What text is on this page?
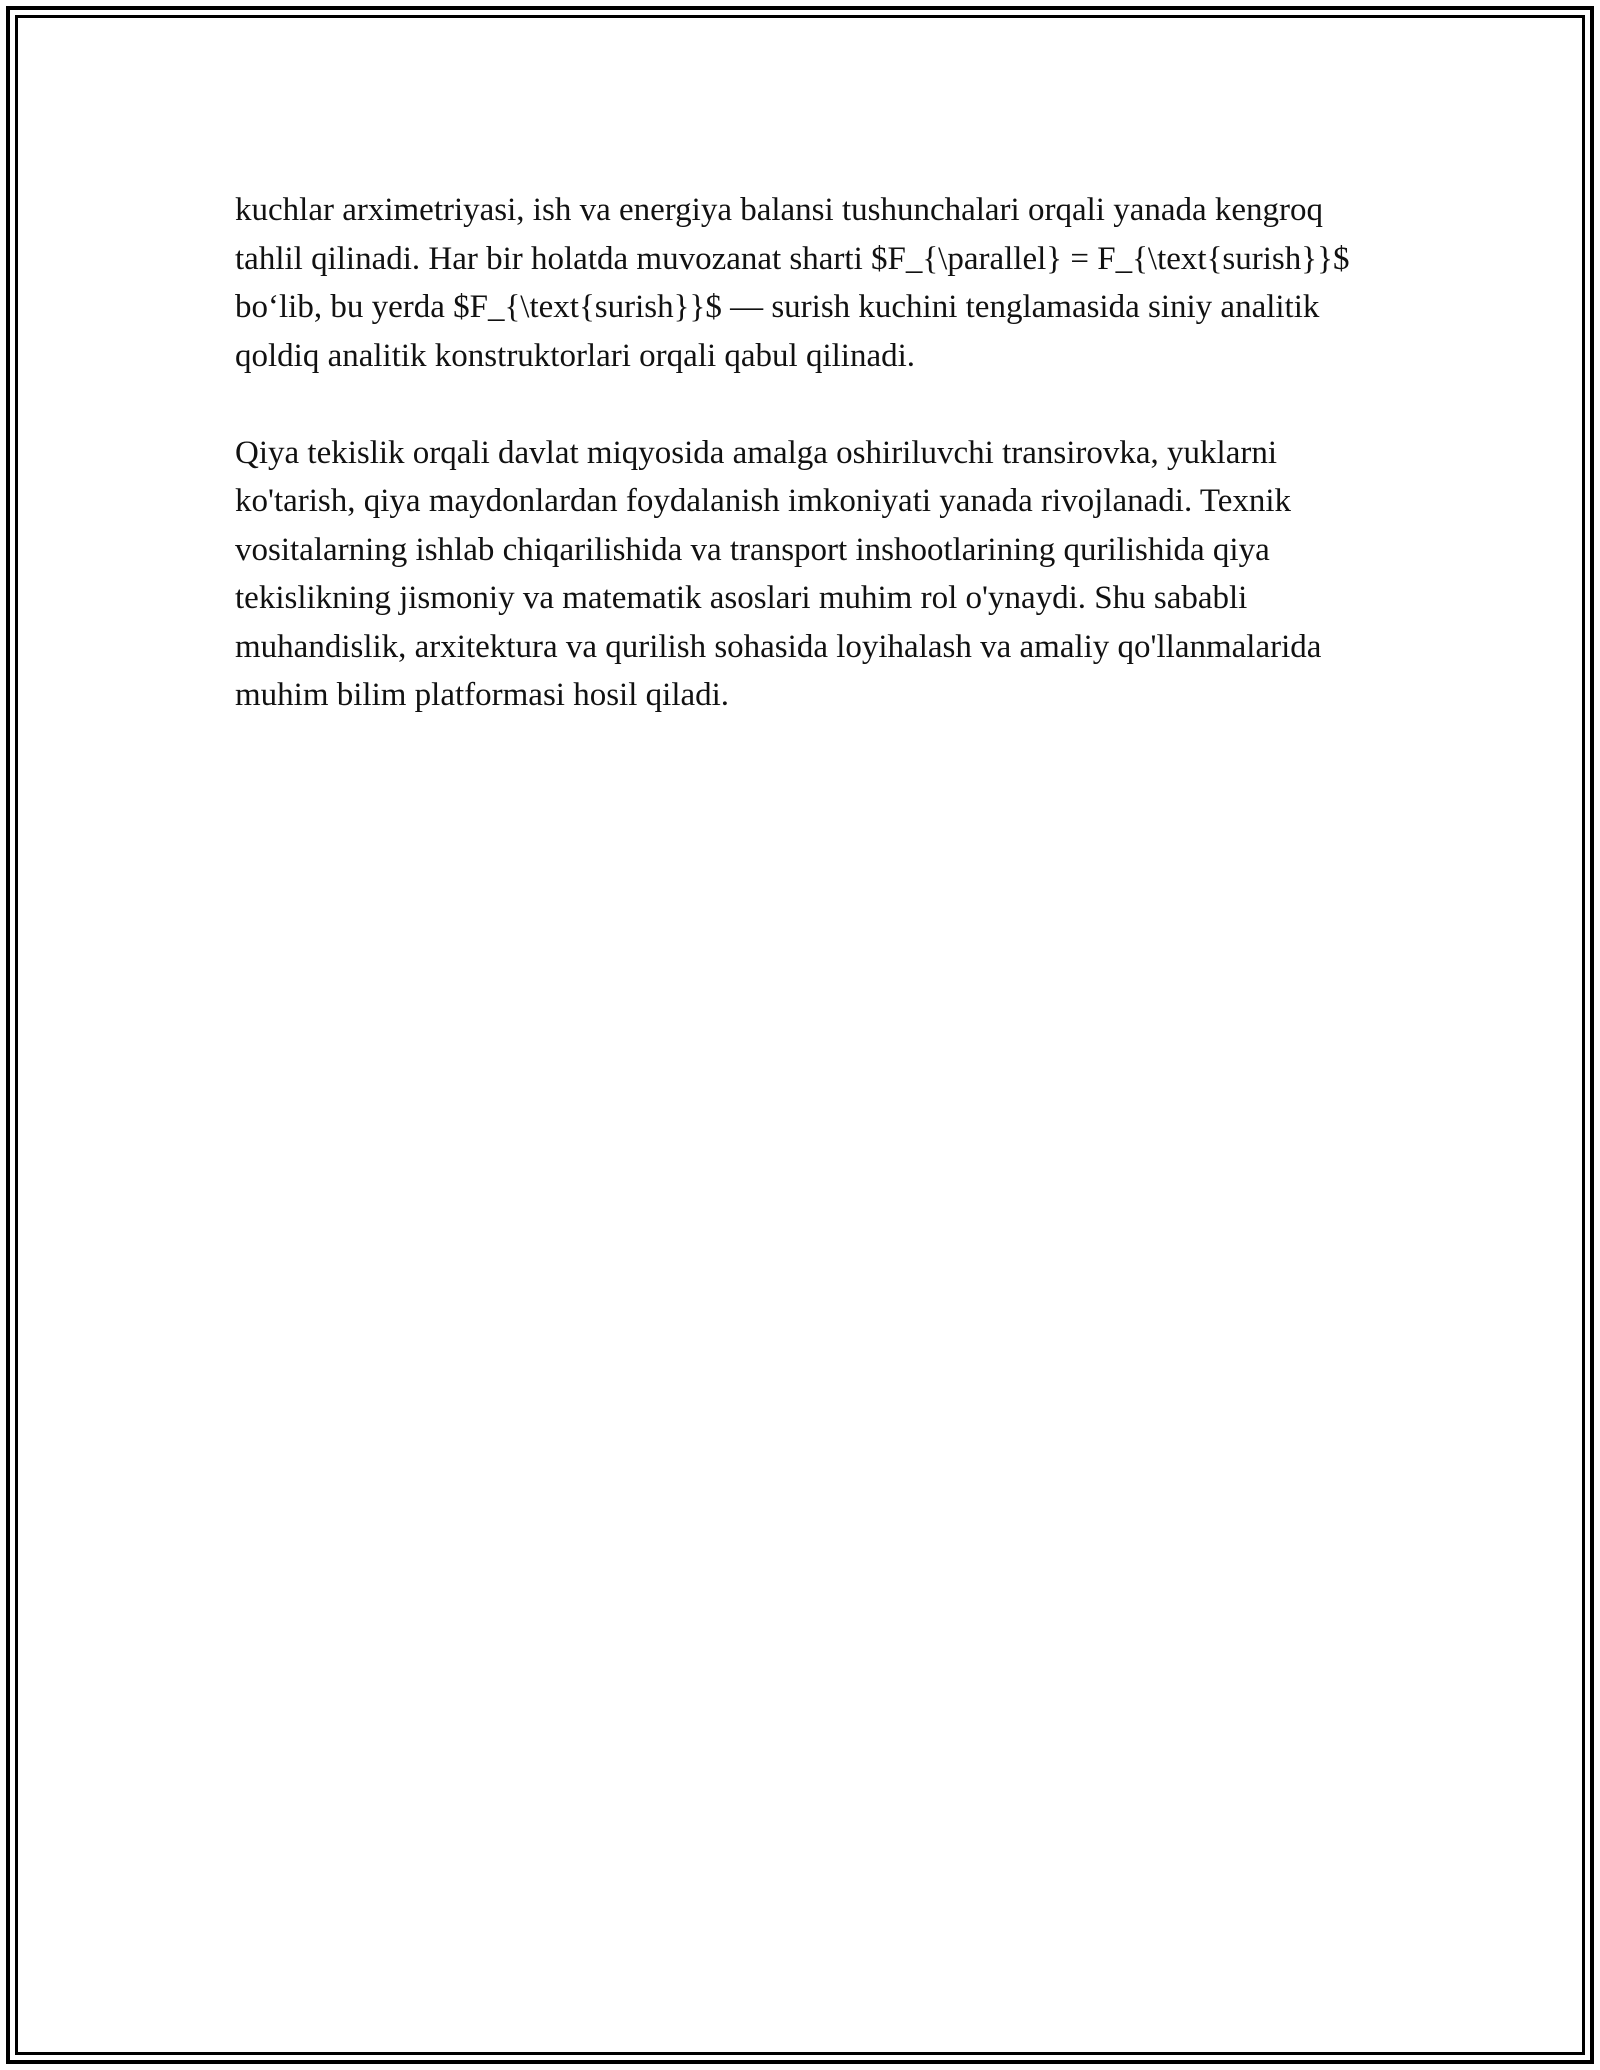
kuchlar arximetriyasi, ish va energiya balansi tushunchalari orqali yanada kengroq tahlil qilinadi. Har bir holatda muvozanat sharti $F_{\parallel} = F_{\text{surish}}$ bo‘lib, bu yerda $F_{\text{surish}}$ — surish kuchini tenglamasida siniy analitik qoldiq analitik konstruktorlari orqali qabul qilinadi.

Qiya tekislik orqali davlat miqyosida amalga oshiriluvchi transirovka, yuklarni ko'tarish, qiya maydonlardan foydalanish imkoniyati yanada rivojlanadi. Texnik vositalarning ishlab chiqarilishida va transport inshootlarining qurilishida qiya tekislikning jismoniy va matematik asoslari muhim rol o'ynaydi. Shu sababli muhandislik, arxitektura va qurilish sohasida loyihalash va amaliy qo'llanmalarida muhim bilim platformasi hosil qiladi.
